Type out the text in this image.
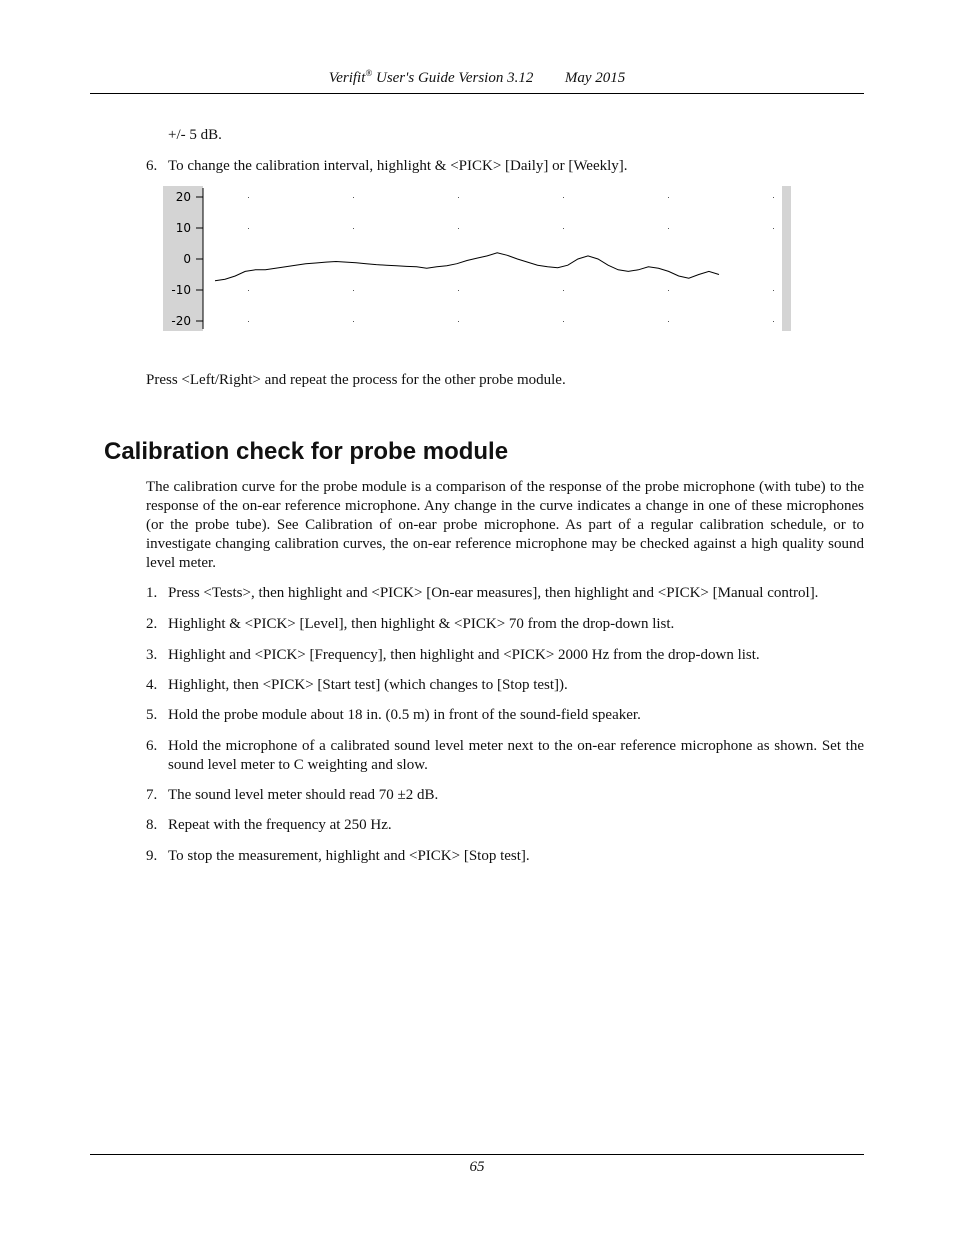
Verifit® User's Guide Version 3.12 May 2015
+/- 5 dB.
6. To change the calibration interval, highlight & <PICK> [Daily] or [Weekly].
20
10
0
-10
-20
Press <Left/Right> and repeat the process for the other probe module.
Calibration check for probe module
The calibration curve for the probe module is a comparison of the response of the probe microphone (with tube) to the response of the on-ear reference microphone. Any change in the curve indicates a change in one of these microphones (or the probe tube). See Calibration of on-ear probe microphone. As part of a regular calibration schedule, or to investigate changing calibration curves, the on-ear reference microphone may be checked against a high quality sound level meter.
1. Press <Tests>, then highlight and <PICK> [On-ear measures], then highlight and <PICK> [Manual control].
2. Highlight & <PICK> [Level], then highlight & <PICK> 70 from the drop-down list.
3. Highlight and <PICK> [Frequency], then highlight and <PICK> 2000 Hz from the drop-down list.
4. Highlight, then <PICK> [Start test] (which changes to [Stop test]).
5. Hold the probe module about 18 in. (0.5 m) in front of the sound-field speaker.
6. Hold the microphone of a calibrated sound level meter next to the on-ear reference microphone as shown. Set the sound level meter to C weighting and slow.
7. The sound level meter should read 70 ±2 dB.
8. Repeat with the frequency at 250 Hz.
9. To stop the measurement, highlight and <PICK> [Stop test].
65
